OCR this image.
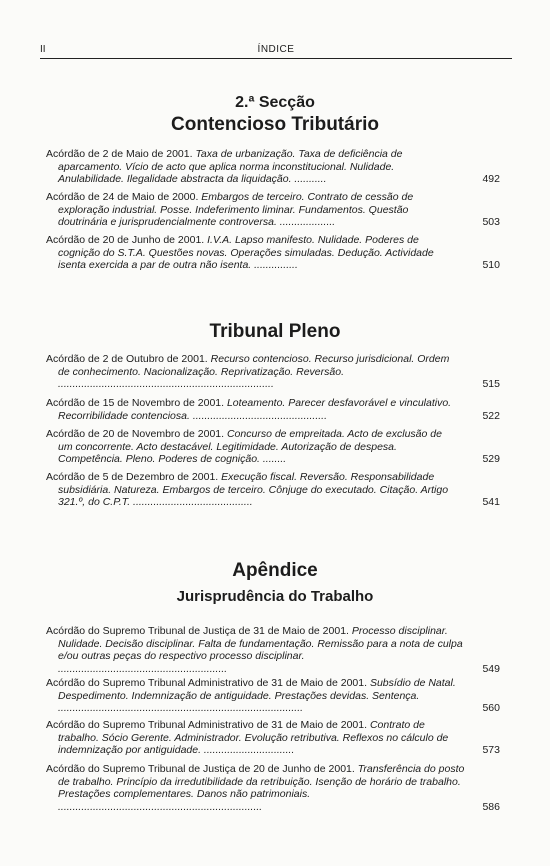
II	ÍNDICE
2.ª Secção
Contencioso Tributário
Acórdão de 2 de Maio de 2001. Taxa de urbanização. Taxa de deficiência de aparcamento. Vício de acto que aplica norma inconstitucional. Nulidade. Anulabilidade. Ilegalidade abstracta da liquidação. ...........	492
Acórdão de 24 de Maio de 2000. Embargos de terceiro. Contrato de cessão de exploração industrial. Posse. Indeferimento liminar. Fundamentos. Questão doutrinária e jurisprudencialmente controversa. ...................	503
Acórdão de 20 de Junho de 2001. I.V.A. Lapso manifesto. Nulidade. Poderes de cognição do S.T.A. Questões novas. Operações simuladas. Dedução. Actividade isenta exercida a par de outra não isenta. ...............	510
Tribunal Pleno
Acórdão de 2 de Outubro de 2001. Recurso contencioso. Recurso jurisdicional. Ordem de conhecimento. Nacionalização. Reprivatização. Reversão. ..........................................................................	515
Acórdão de 15 de Novembro de 2001. Loteamento. Parecer desfavorável e vinculativo. Recorribilidade contenciosa. ..............................................	522
Acórdão de 20 de Novembro de 2001. Concurso de empreitada. Acto de exclusão de um concorrente. Acto destacável. Legitimidade. Autorização de despesa. Competência. Pleno. Poderes de cognição. ........	529
Acórdão de 5 de Dezembro de 2001. Execução fiscal. Reversão. Responsabilidade subsidiária. Natureza. Embargos de terceiro. Cônjuge do executado. Citação. Artigo 321.º, do C.P.T. .........................................	541
Apêndice
Jurisprudência do Trabalho
Acórdão do Supremo Tribunal de Justiça de 31 de Maio de 2001. Processo disciplinar. Nulidade. Decisão disciplinar. Falta de fundamentação. Remissão para a nota de culpa e/ou outras peças do respectivo processo disciplinar. ..........................................................	549
Acórdão do Supremo Tribunal Administrativo de 31 de Maio de 2001. Subsídio de Natal. Despedimento. Indemnização de antiguidade. Prestações devidas. Sentença. ....................................................................................	560
Acórdão do Supremo Tribunal Administrativo de 31 de Maio de 2001. Contrato de trabalho. Sócio Gerente. Administrador. Evolução retributiva. Reflexos no cálculo de indemnização por antiguidade. ...............................	573
Acórdão do Supremo Tribunal de Justiça de 20 de Junho de 2001. Transferência do posto de trabalho. Princípio da irredutibilidade da retribuição. Isenção de horário de trabalho. Prestações complementares. Danos não patrimoniais. ......................................................................	586
